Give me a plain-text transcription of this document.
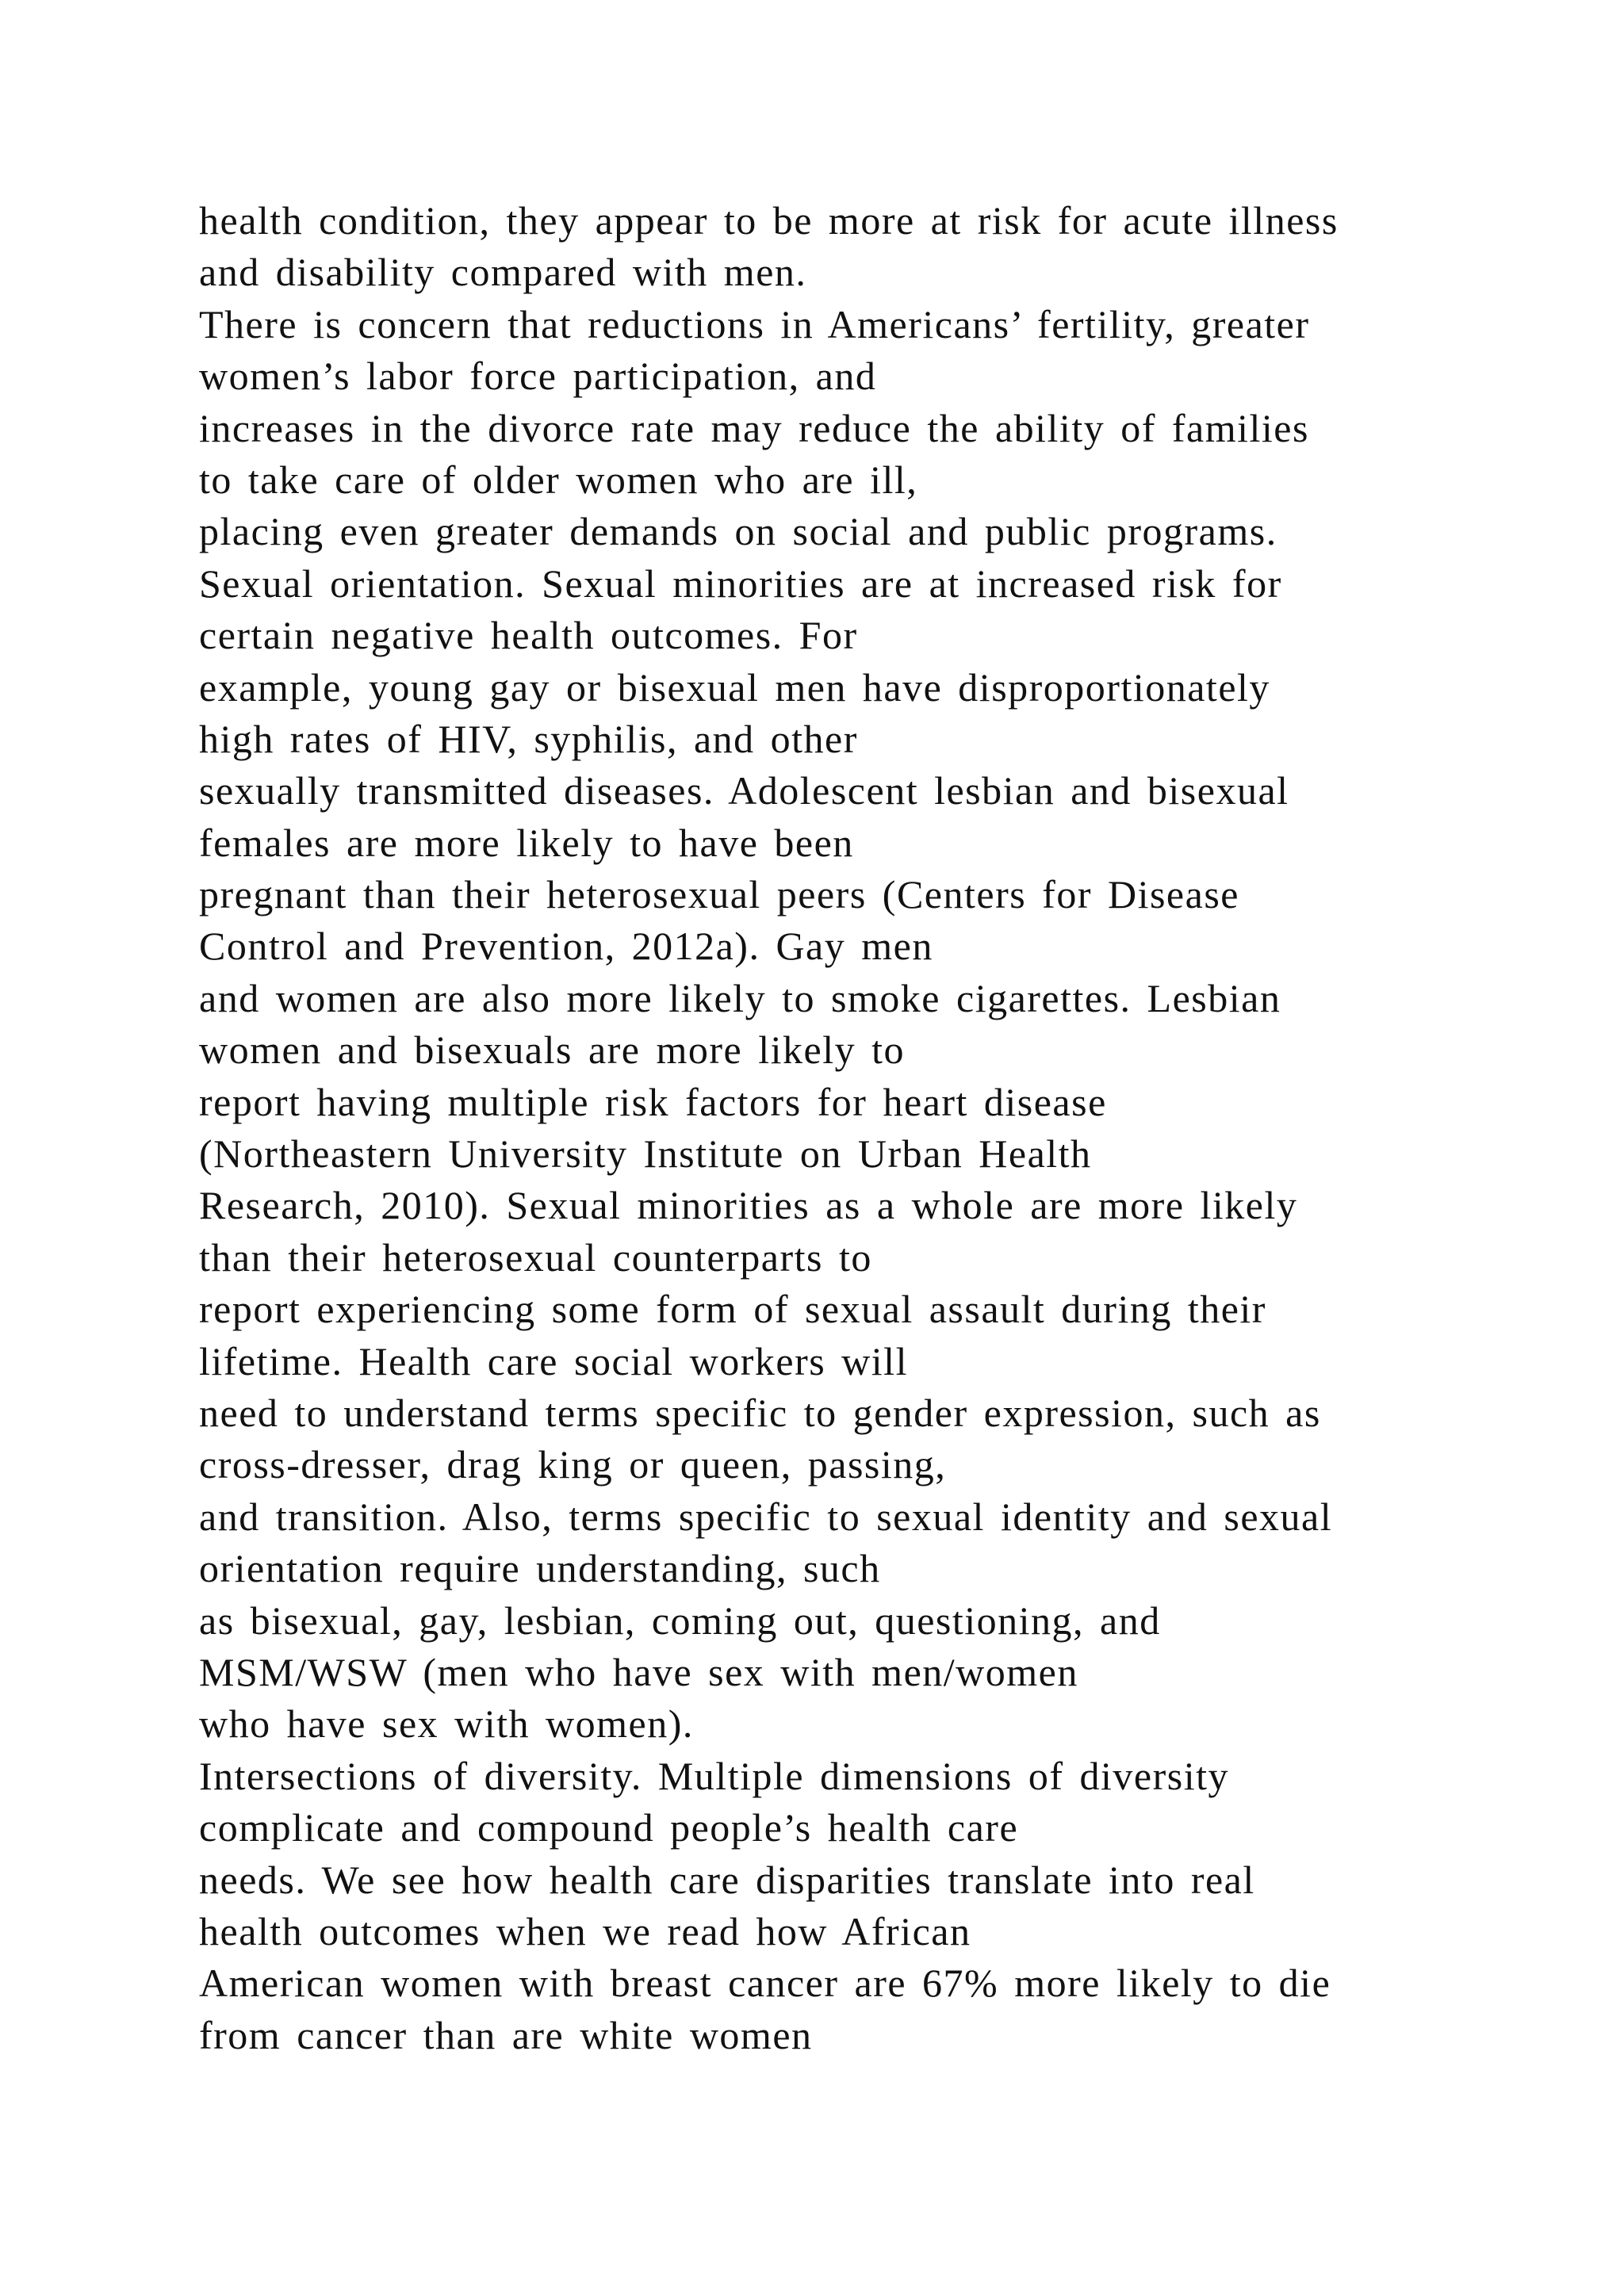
health condition, they appear to be more at risk for acute illness
and disability compared with men.
There is concern that reductions in Americans’ fertility, greater
women’s labor force participation, and
increases in the divorce rate may reduce the ability of families
to take care of older women who are ill,
placing even greater demands on social and public programs.
Sexual orientation. Sexual minorities are at increased risk for
certain negative health outcomes. For
example, young gay or bisexual men have disproportionately
high rates of HIV, syphilis, and other
sexually transmitted diseases. Adolescent lesbian and bisexual
females are more likely to have been
pregnant than their heterosexual peers (Centers for Disease
Control and Prevention, 2012a). Gay men
and women are also more likely to smoke cigarettes. Lesbian
women and bisexuals are more likely to
report having multiple risk factors for heart disease
(Northeastern University Institute on Urban Health
Research, 2010). Sexual minorities as a whole are more likely
than their heterosexual counterparts to
report experiencing some form of sexual assault during their
lifetime. Health care social workers will
need to understand terms specific to gender expression, such as
cross-dresser, drag king or queen, passing,
and transition. Also, terms specific to sexual identity and sexual
orientation require understanding, such
as bisexual, gay, lesbian, coming out, questioning, and
MSM/WSW (men who have sex with men/women
who have sex with women).
Intersections of diversity. Multiple dimensions of diversity
complicate and compound people’s health care
needs. We see how health care disparities translate into real
health outcomes when we read how African
American women with breast cancer are 67% more likely to die
from cancer than are white women
